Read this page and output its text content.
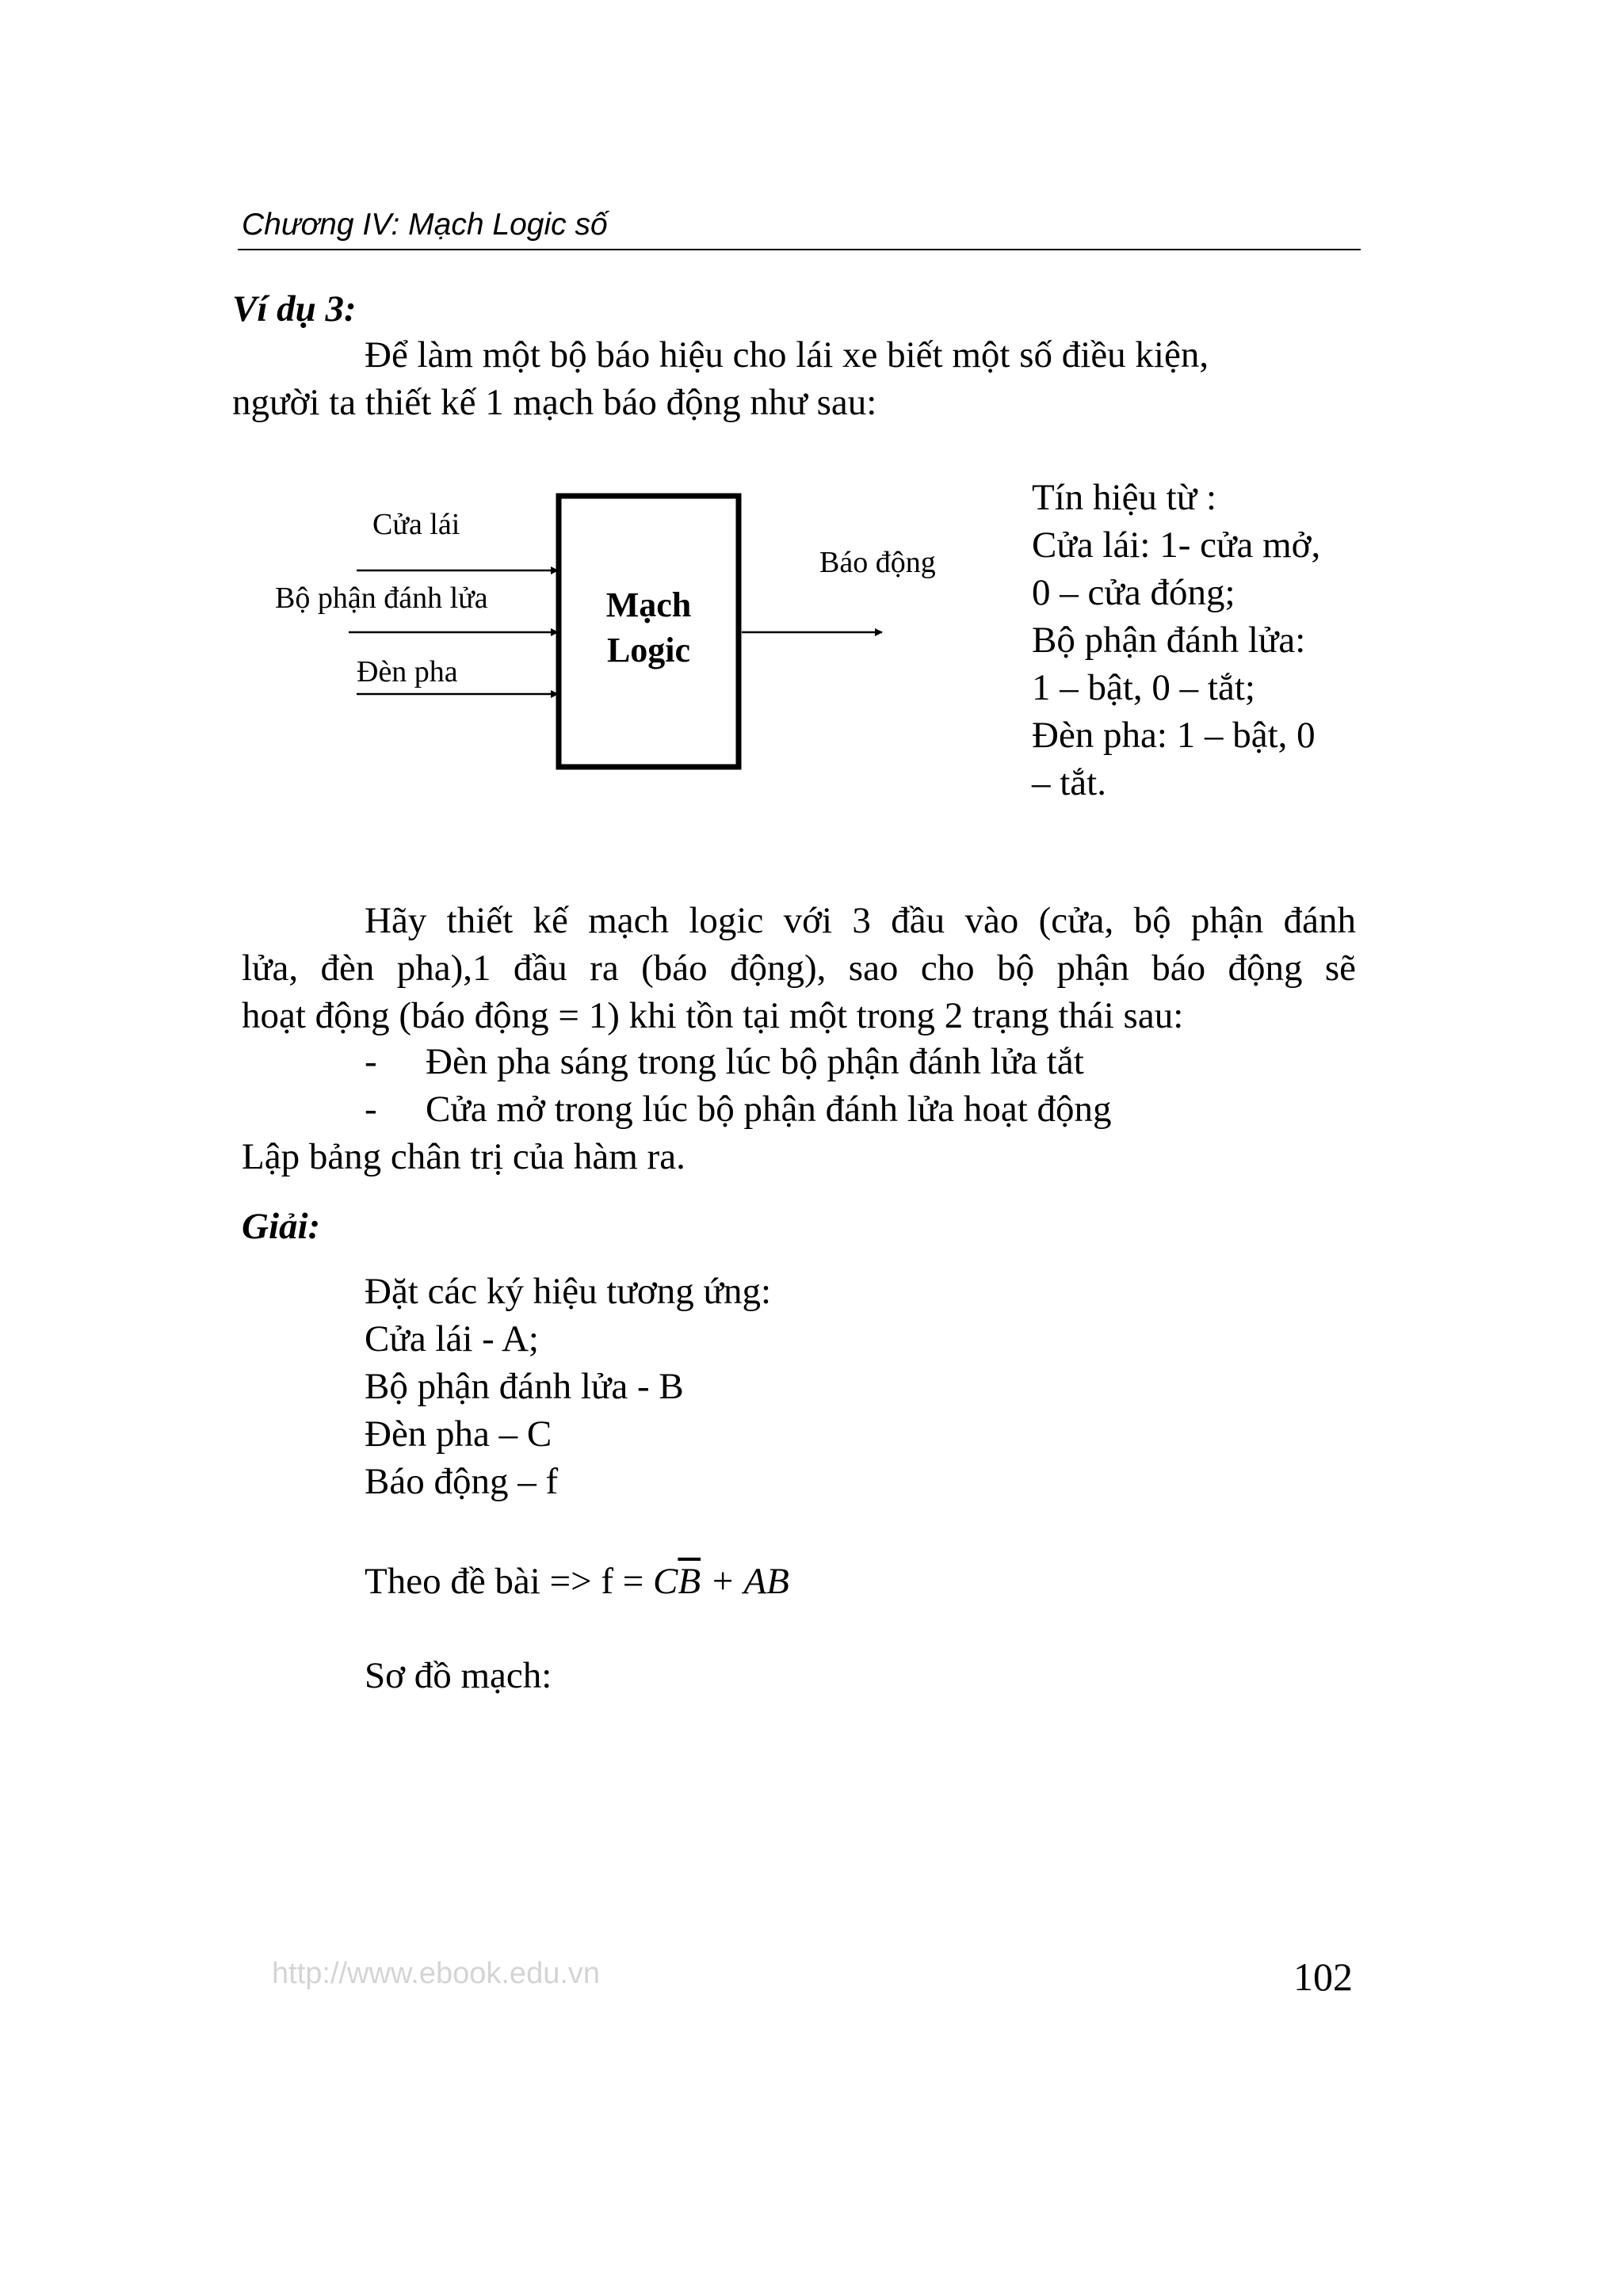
Chương IV: Mạch Logic số
Ví dụ 3:
Để làm một bộ báo hiệu cho lái xe biết một số điều kiện,
người ta thiết kế 1 mạch báo động như sau:
Cửa lái
Bộ phận đánh lửa
Đèn pha
Mạch
Logic
Báo động
Tín hiệu từ :
Cửa lái: 1- cửa mở,
0 – cửa đóng;
Bộ phận đánh lửa:
1 – bật, 0 – tắt;
Đèn pha: 1 – bật, 0
– tắt.
Hãy thiết kế mạch logic với 3 đầu vào (cửa, bộ phận đánh
lửa, đèn pha),1 đầu ra (báo động), sao cho bộ phận báo động sẽ
hoạt động (báo động = 1) khi tồn tại một trong 2 trạng thái sau:
- Đèn pha sáng trong lúc bộ phận đánh lửa tắt
- Cửa mở trong lúc bộ phận đánh lửa hoạt động
Lập bảng chân trị của hàm ra.
Giải:
Đặt các ký hiệu tương ứng:
Cửa lái - A;
Bộ phận đánh lửa - B
Đèn pha – C
Báo động – f
Theo đề bài => $f = C\overline{B}$ + AB
Sơ đồ mạch:
http://www.ebook.edu.vn	102
